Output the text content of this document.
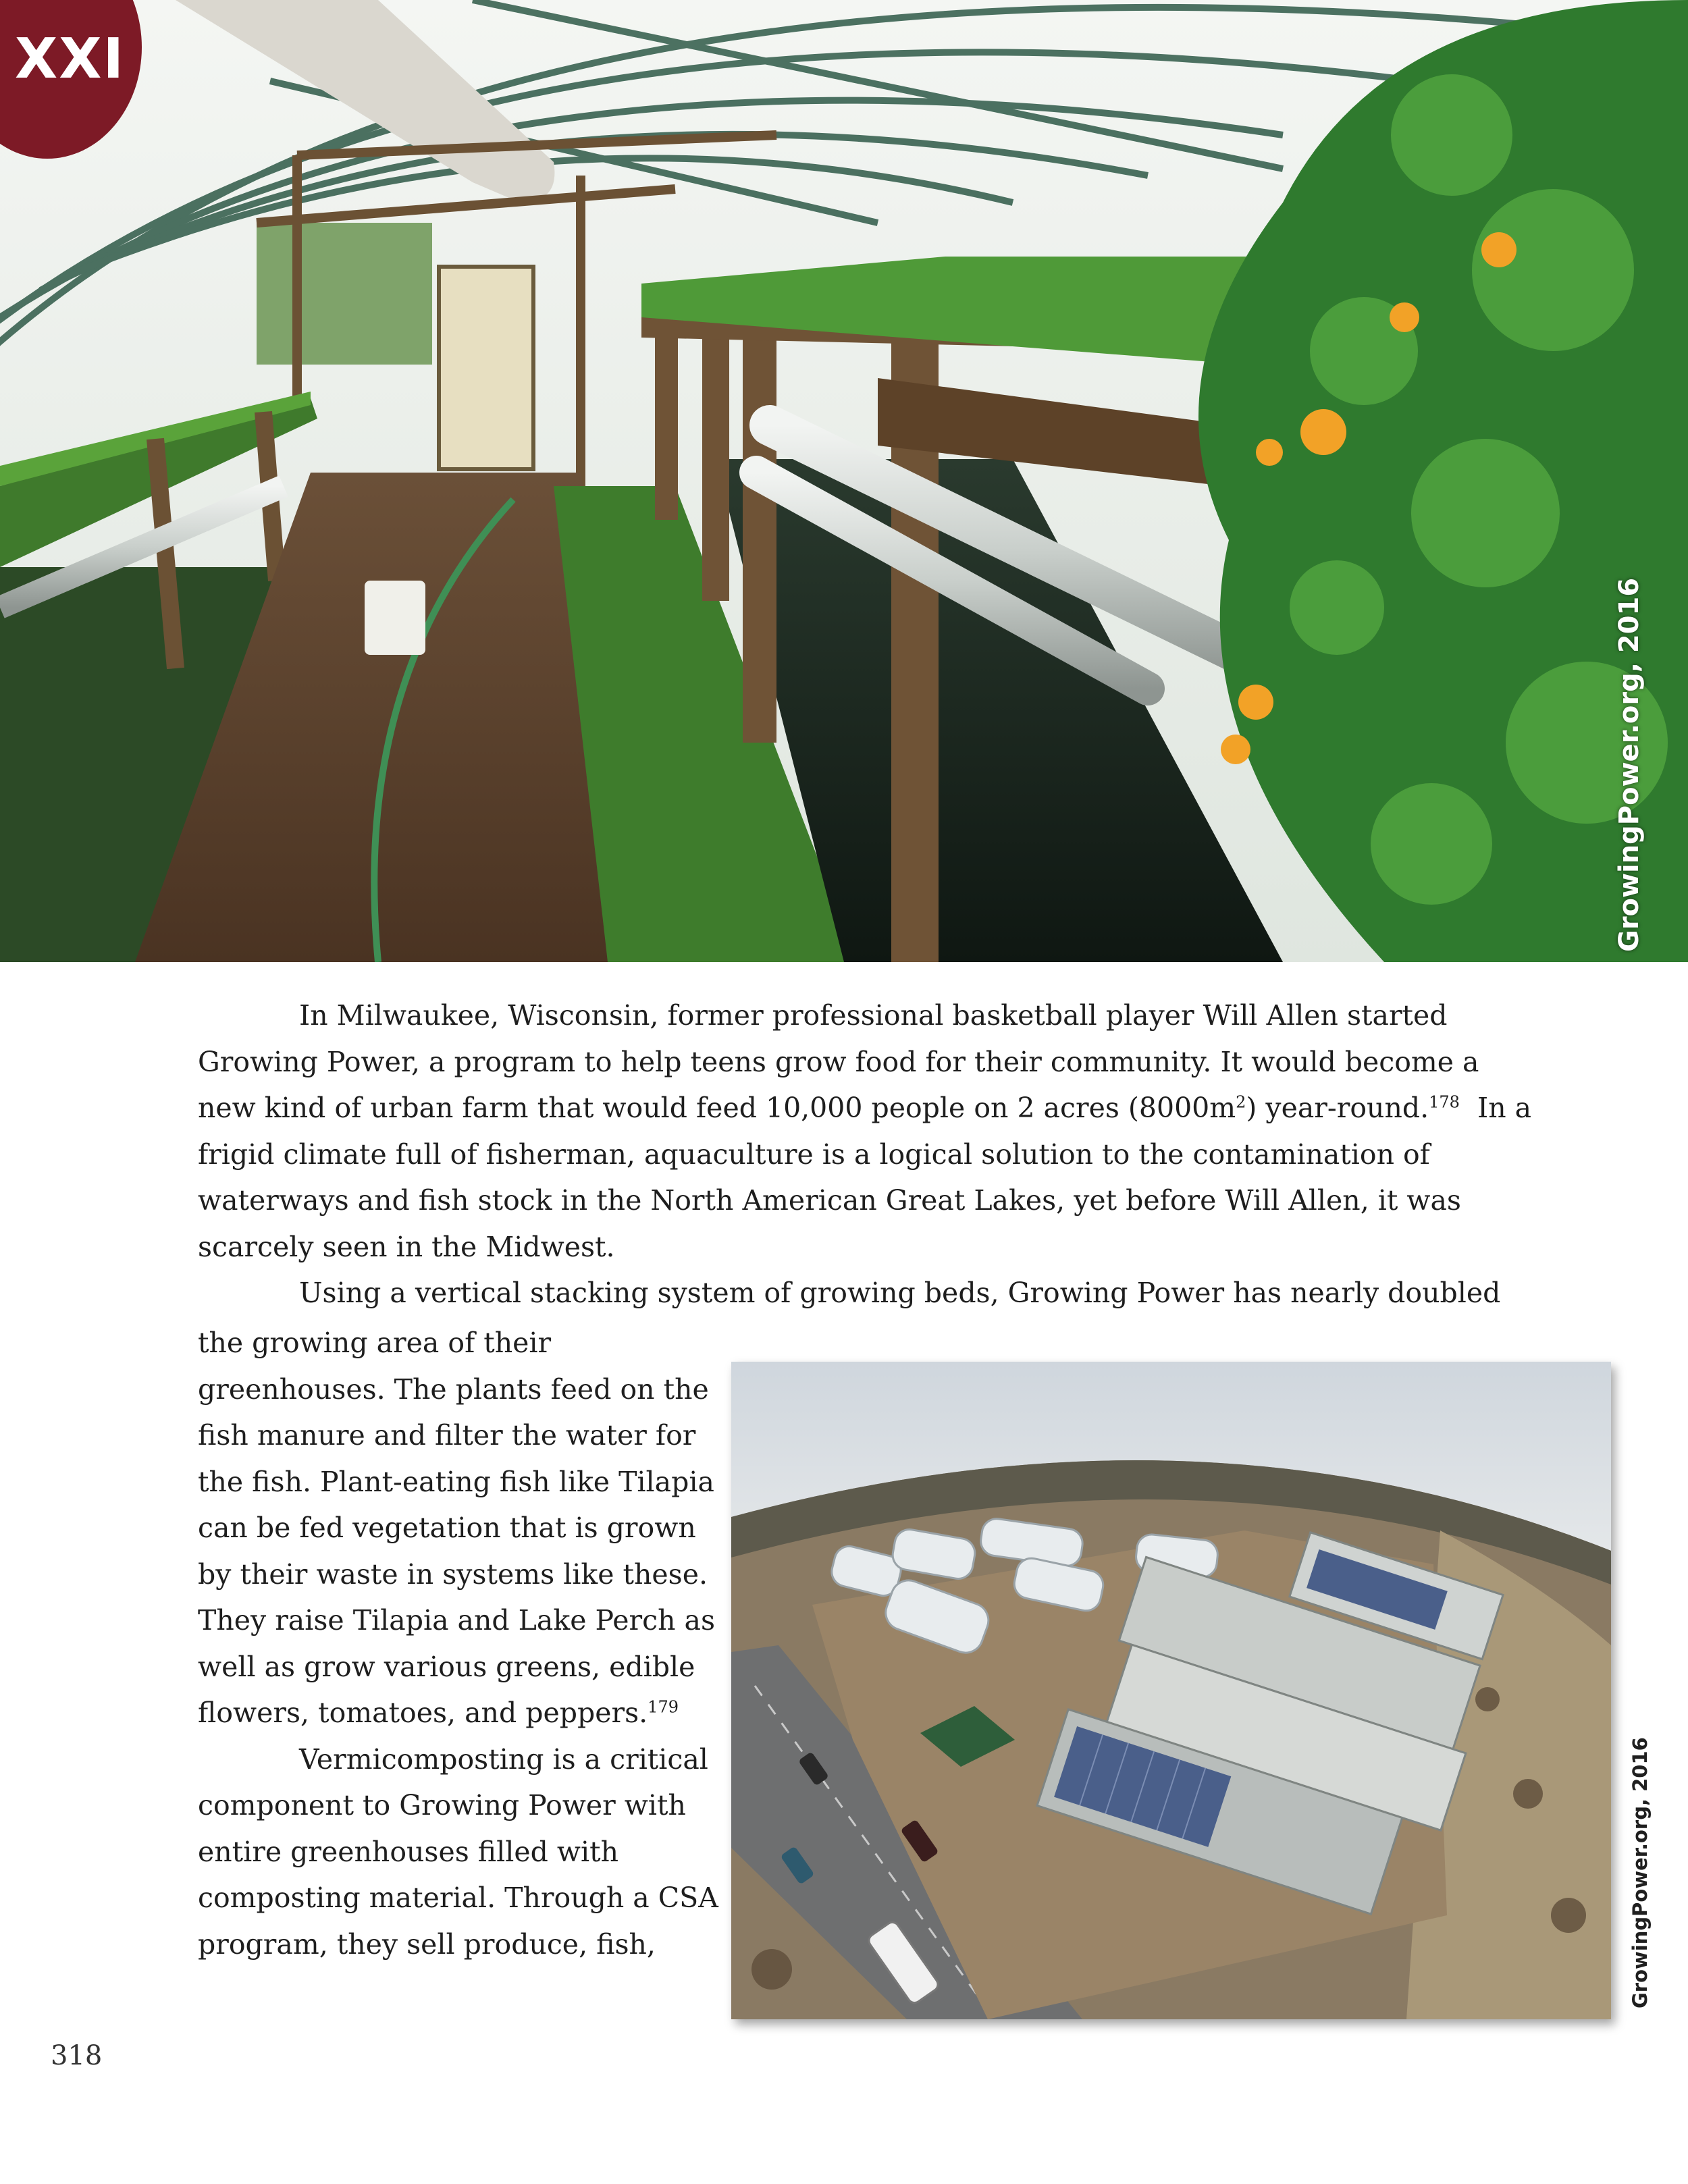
XXI
GrowingPower.org, 2016
In Milwaukee, Wisconsin, former professional basketball player Will Allen started
Growing Power, a program to help teens grow food for their community. It would become a
new kind of urban farm that would feed 10,000 people on 2 acres $(8000m^2)$ year-round.$^{178}$  In a
frigid climate full of fisherman, aquaculture is a logical solution to the contamination of
waterways and fish stock in the North American Great Lakes, yet before Will Allen, it was
scarcely seen in the Midwest.
Using a vertical stacking system of growing beds, Growing Power has nearly doubled
the growing area of their
greenhouses. The plants feed on the
fish manure and filter the water for
the fish. Plant-eating fish like Tilapia
can be fed vegetation that is grown
by their waste in systems like these.
They raise Tilapia and Lake Perch as
well as grow various greens, edible
flowers, tomatoes, and peppers.$^{179}$
Vermicomposting is a critical
component to Growing Power with
entire greenhouses filled with
composting material. Through a CSA
program, they sell produce, fish,	GrowingPower.org, 2016
318
